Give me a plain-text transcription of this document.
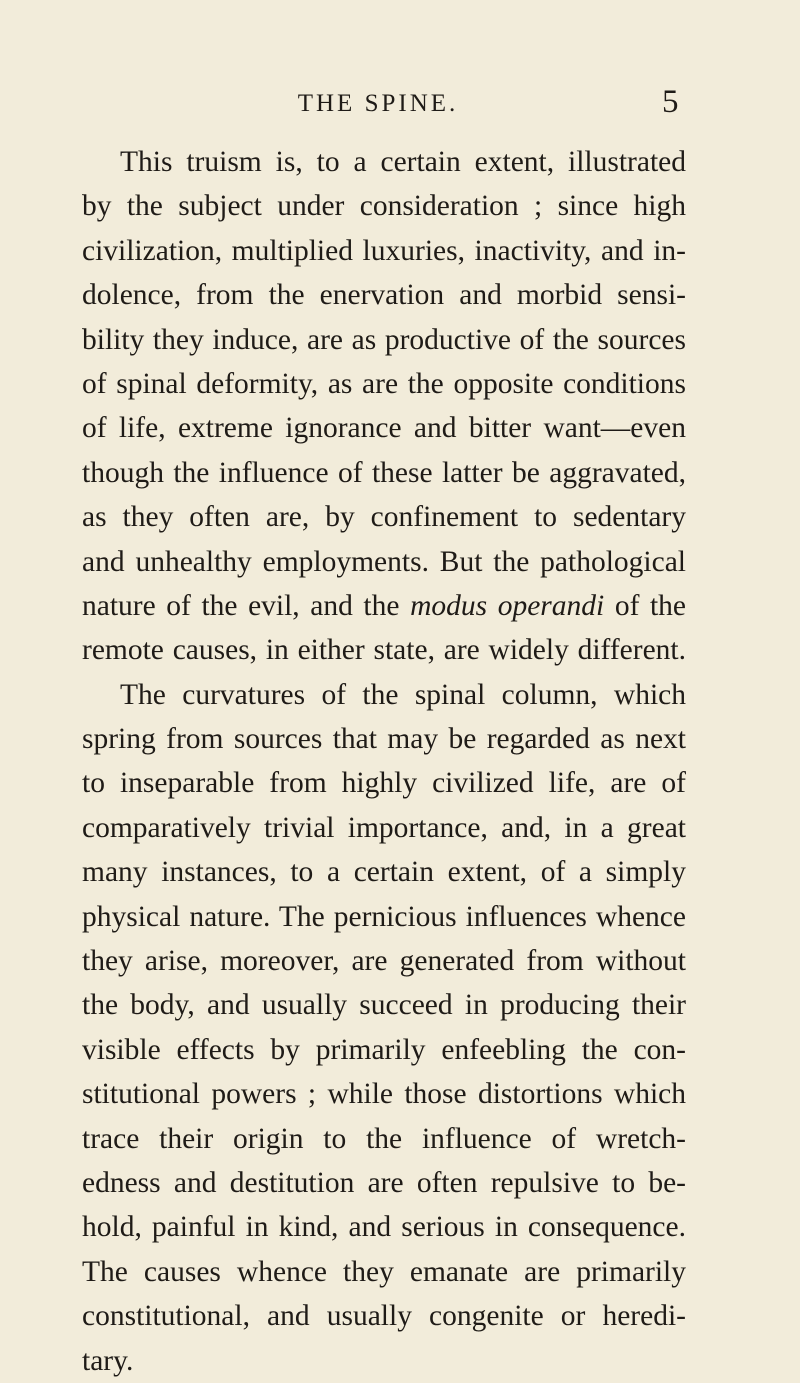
THE SPINE.	5
This truism is, to a certain extent, illustrated
by the subject under consideration ; since high
civilization, multiplied luxuries, inactivity, and in-
dolence, from the enervation and morbid sensi-
bility they induce, are as productive of the sources
of spinal deformity, as are the opposite conditions
of life, extreme ignorance and bitter want—even
though the influence of these latter be aggravated,
as they often are, by confinement to sedentary
and unhealthy employments. But the pathological
nature of the evil, and the modus operandi of the
remote causes, in either state, are widely different.
The curvatures of the spinal column, which
spring from sources that may be regarded as next
to inseparable from highly civilized life, are of
comparatively trivial importance, and, in a great
many instances, to a certain extent, of a simply
physical nature. The pernicious influences whence
they arise, moreover, are generated from without
the body, and usually succeed in producing their
visible effects by primarily enfeebling the con-
stitutional powers ; while those distortions which
trace their origin to the influence of wretch-
edness and destitution are often repulsive to be-
hold, painful in kind, and serious in consequence.
The causes whence they emanate are primarily
constitutional, and usually congenite or heredi-
tary.
